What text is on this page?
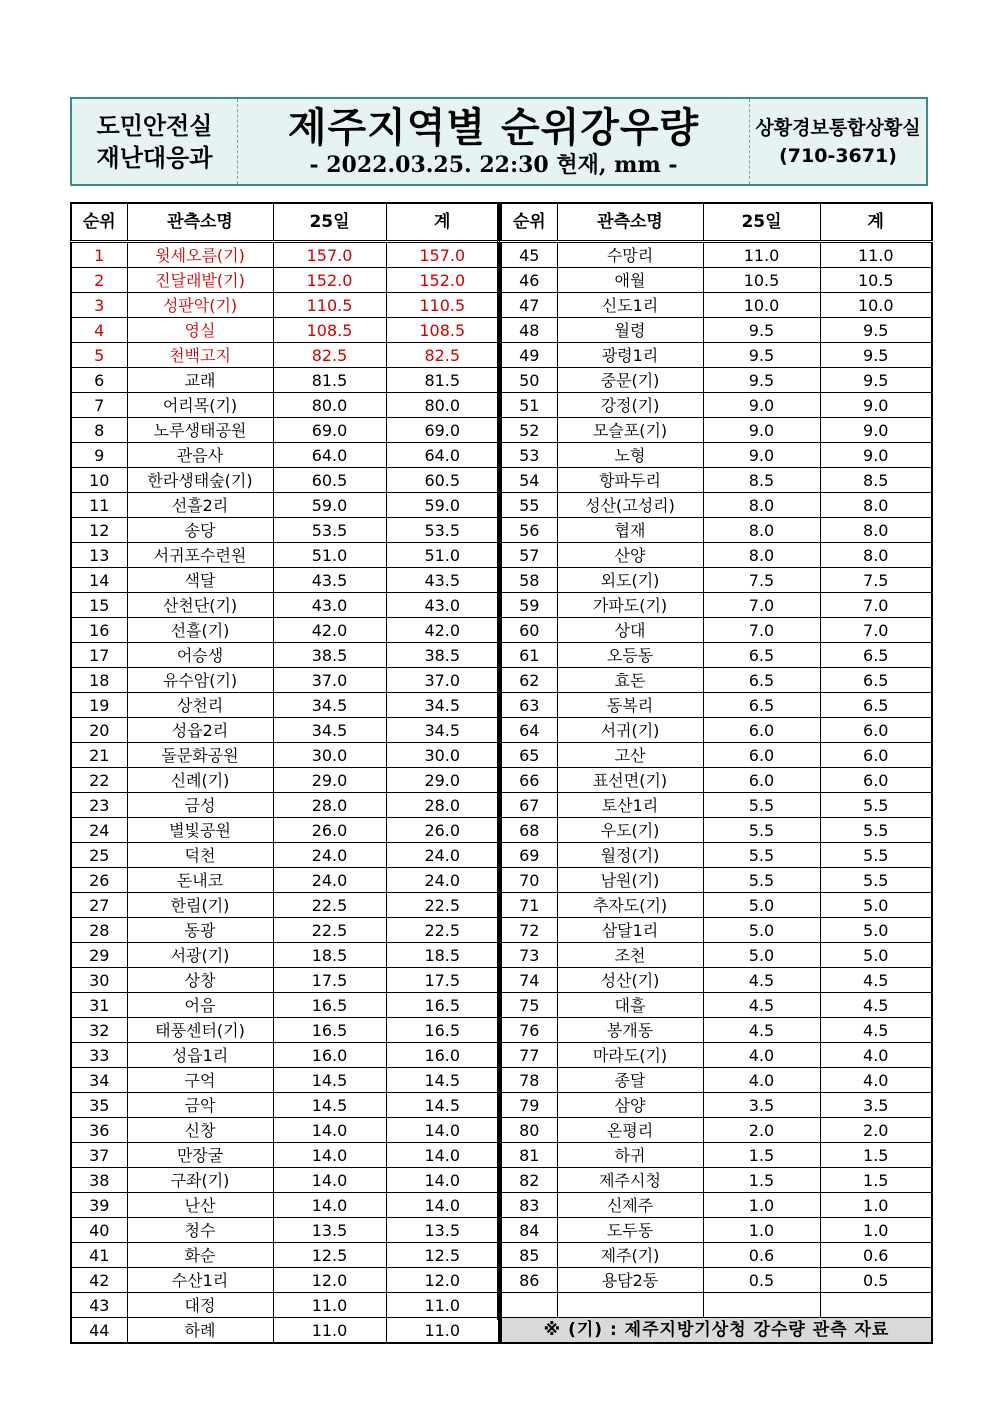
도민안전실
재난대응과
제주지역별 순위강우량
- 2022.03.25. 22:30 현재, mm -
상황경보통합상황실
(710-3671)
순위	관측소명	25일	계
1	윗세오름(기)	157.0	157.0
2	진달래밭(기)	152.0	152.0
3	성판악(기)	110.5	110.5
4	영실	108.5	108.5
5	천백고지	82.5	82.5
6	교래	81.5	81.5
7	어리목(기)	80.0	80.0
8	노루생태공원	69.0	69.0
9	관음사	64.0	64.0
10	한라생태숲(기)	60.5	60.5
11	선흘2리	59.0	59.0
12	송당	53.5	53.5
13	서귀포수련원	51.0	51.0
14	색달	43.5	43.5
15	산천단(기)	43.0	43.0
16	선흘(기)	42.0	42.0
17	어승생	38.5	38.5
18	유수암(기)	37.0	37.0
19	상천리	34.5	34.5
20	성읍2리	34.5	34.5
21	돌문화공원	30.0	30.0
22	신례(기)	29.0	29.0
23	금성	28.0	28.0
24	별빛공원	26.0	26.0
25	덕천	24.0	24.0
26	돈내코	24.0	24.0
27	한림(기)	22.5	22.5
28	동광	22.5	22.5
29	서광(기)	18.5	18.5
30	상창	17.5	17.5
31	어음	16.5	16.5
32	태풍센터(기)	16.5	16.5
33	성읍1리	16.0	16.0
34	구억	14.5	14.5
35	금악	14.5	14.5
36	신창	14.0	14.0
37	만장굴	14.0	14.0
38	구좌(기)	14.0	14.0
39	난산	14.0	14.0
40	청수	13.5	13.5
41	화순	12.5	12.5
42	수산1리	12.0	12.0
43	대정	11.0	11.0
44	하례	11.0	11.0
순위	관측소명	25일	계
45	수망리	11.0	11.0
46	애월	10.5	10.5
47	신도1리	10.0	10.0
48	월령	9.5	9.5
49	광령1리	9.5	9.5
50	중문(기)	9.5	9.5
51	강정(기)	9.0	9.0
52	모슬포(기)	9.0	9.0
53	노형	9.0	9.0
54	항파두리	8.5	8.5
55	성산(고성리)	8.0	8.0
56	협재	8.0	8.0
57	산양	8.0	8.0
58	외도(기)	7.5	7.5
59	가파도(기)	7.0	7.0
60	상대	7.0	7.0
61	오등동	6.5	6.5
62	효돈	6.5	6.5
63	동복리	6.5	6.5
64	서귀(기)	6.0	6.0
65	고산	6.0	6.0
66	표선면(기)	6.0	6.0
67	토산1리	5.5	5.5
68	우도(기)	5.5	5.5
69	월정(기)	5.5	5.5
70	남원(기)	5.5	5.5
71	추자도(기)	5.0	5.0
72	삼달1리	5.0	5.0
73	조천	5.0	5.0
74	성산(기)	4.5	4.5
75	대흘	4.5	4.5
76	봉개동	4.5	4.5
77	마라도(기)	4.0	4.0
78	종달	4.0	4.0
79	삼양	3.5	3.5
80	온평리	2.0	2.0
81	하귀	1.5	1.5
82	제주시청	1.5	1.5
83	신제주	1.0	1.0
84	도두동	1.0	1.0
85	제주(기)	0.6	0.6
86	용담2동	0.5	0.5

※ (기) : 제주지방기상청 강수량 관측 자료			
